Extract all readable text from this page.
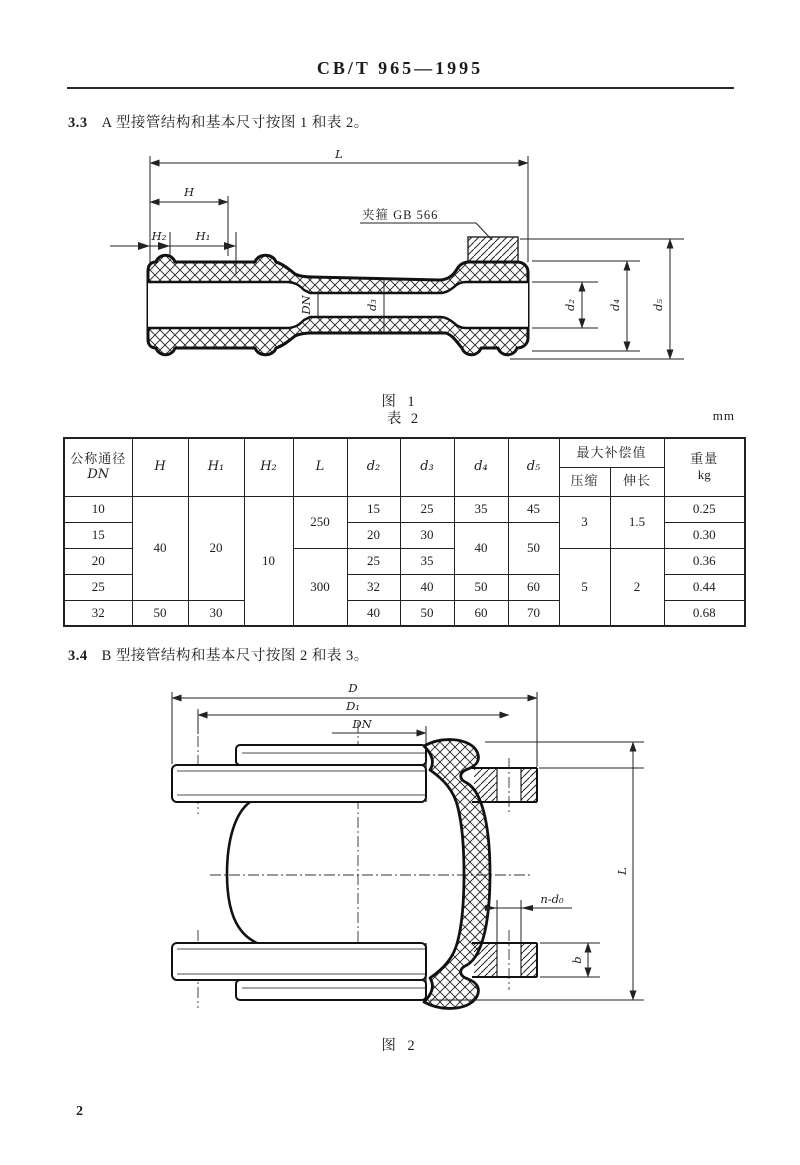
CB/T 965—1995

3.3 A 型接管结构和基本尺寸按图 1 和表 2。

L
H
H₂	H₁
夹箍 GB 566
DN	d₃	d₂	d₄	d₅
图 1
表 2	mm
公称通径
DN
	H	H₁	H₂	L	d₂	d₃	d₄	d₅	最大补偿值	重量
kg

									压缩	伸长	
10	40	20	10	250	15	25	35	45	3	1.5	0.25
15					20	30	40	50			0.30
20				300	25	35			5	2	0.36
25					32	40	50	60			0.44
32	50	30			40	50	60	70			0.68

3.4 B 型接管结构和基本尺寸按图 2 和表 3。

D
D₁
DN
L
n-d₀
b
图 2
2
